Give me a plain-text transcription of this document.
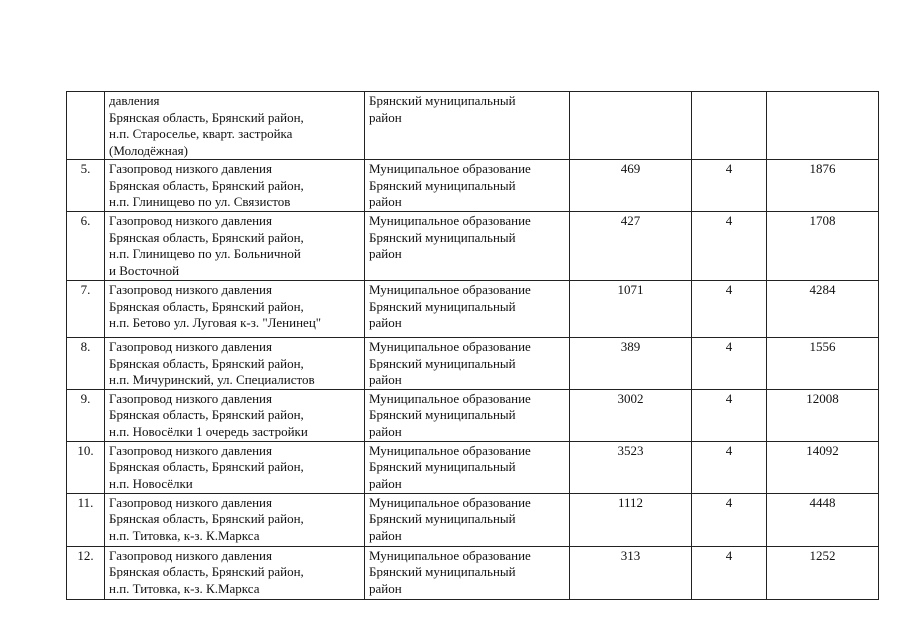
	давления
Брянская область, Брянский район,
н.п. Староселье, кварт. застройка
(Молодёжная)	Брянский муниципальный
район			

5.	Газопровод низкого давления
Брянская область, Брянский район,
н.п. Глинищево по ул. Связистов	Муниципальное образование
Брянский муниципальный
район	469	4	1876
6.	Газопровод низкого давления
Брянская область, Брянский район,
н.п. Глинищево по ул. Больничной
и Восточной	Муниципальное образование
Брянский муниципальный
район	427	4	1708
7.	Газопровод низкого давления
Брянская область, Брянский район,
н.п. Бетово ул. Луговая к-з. "Ленинец"	Муниципальное образование
Брянский муниципальный
район	1071	4	4284
8.	Газопровод низкого давления
Брянская область, Брянский район,
н.п. Мичуринский, ул. Специалистов	Муниципальное образование
Брянский муниципальный
район	389	4	1556
9.	Газопровод низкого давления
Брянская область, Брянский район,
н.п. Новосёлки 1 очередь застройки	Муниципальное образование
Брянский муниципальный
район	3002	4	12008
10.	Газопровод низкого давления
Брянская область, Брянский район,
н.п. Новосёлки	Муниципальное образование
Брянский муниципальный
район	3523	4	14092
11.	Газопровод низкого давления
Брянская область, Брянский район,
н.п. Титовка, к-з. К.Маркса	Муниципальное образование
Брянский муниципальный
район	1112	4	4448
12.	Газопровод низкого давления
Брянская область, Брянский район,
н.п. Титовка, к-з. К.Маркса	Муниципальное образование
Брянский муниципальный
район	313	4	1252
